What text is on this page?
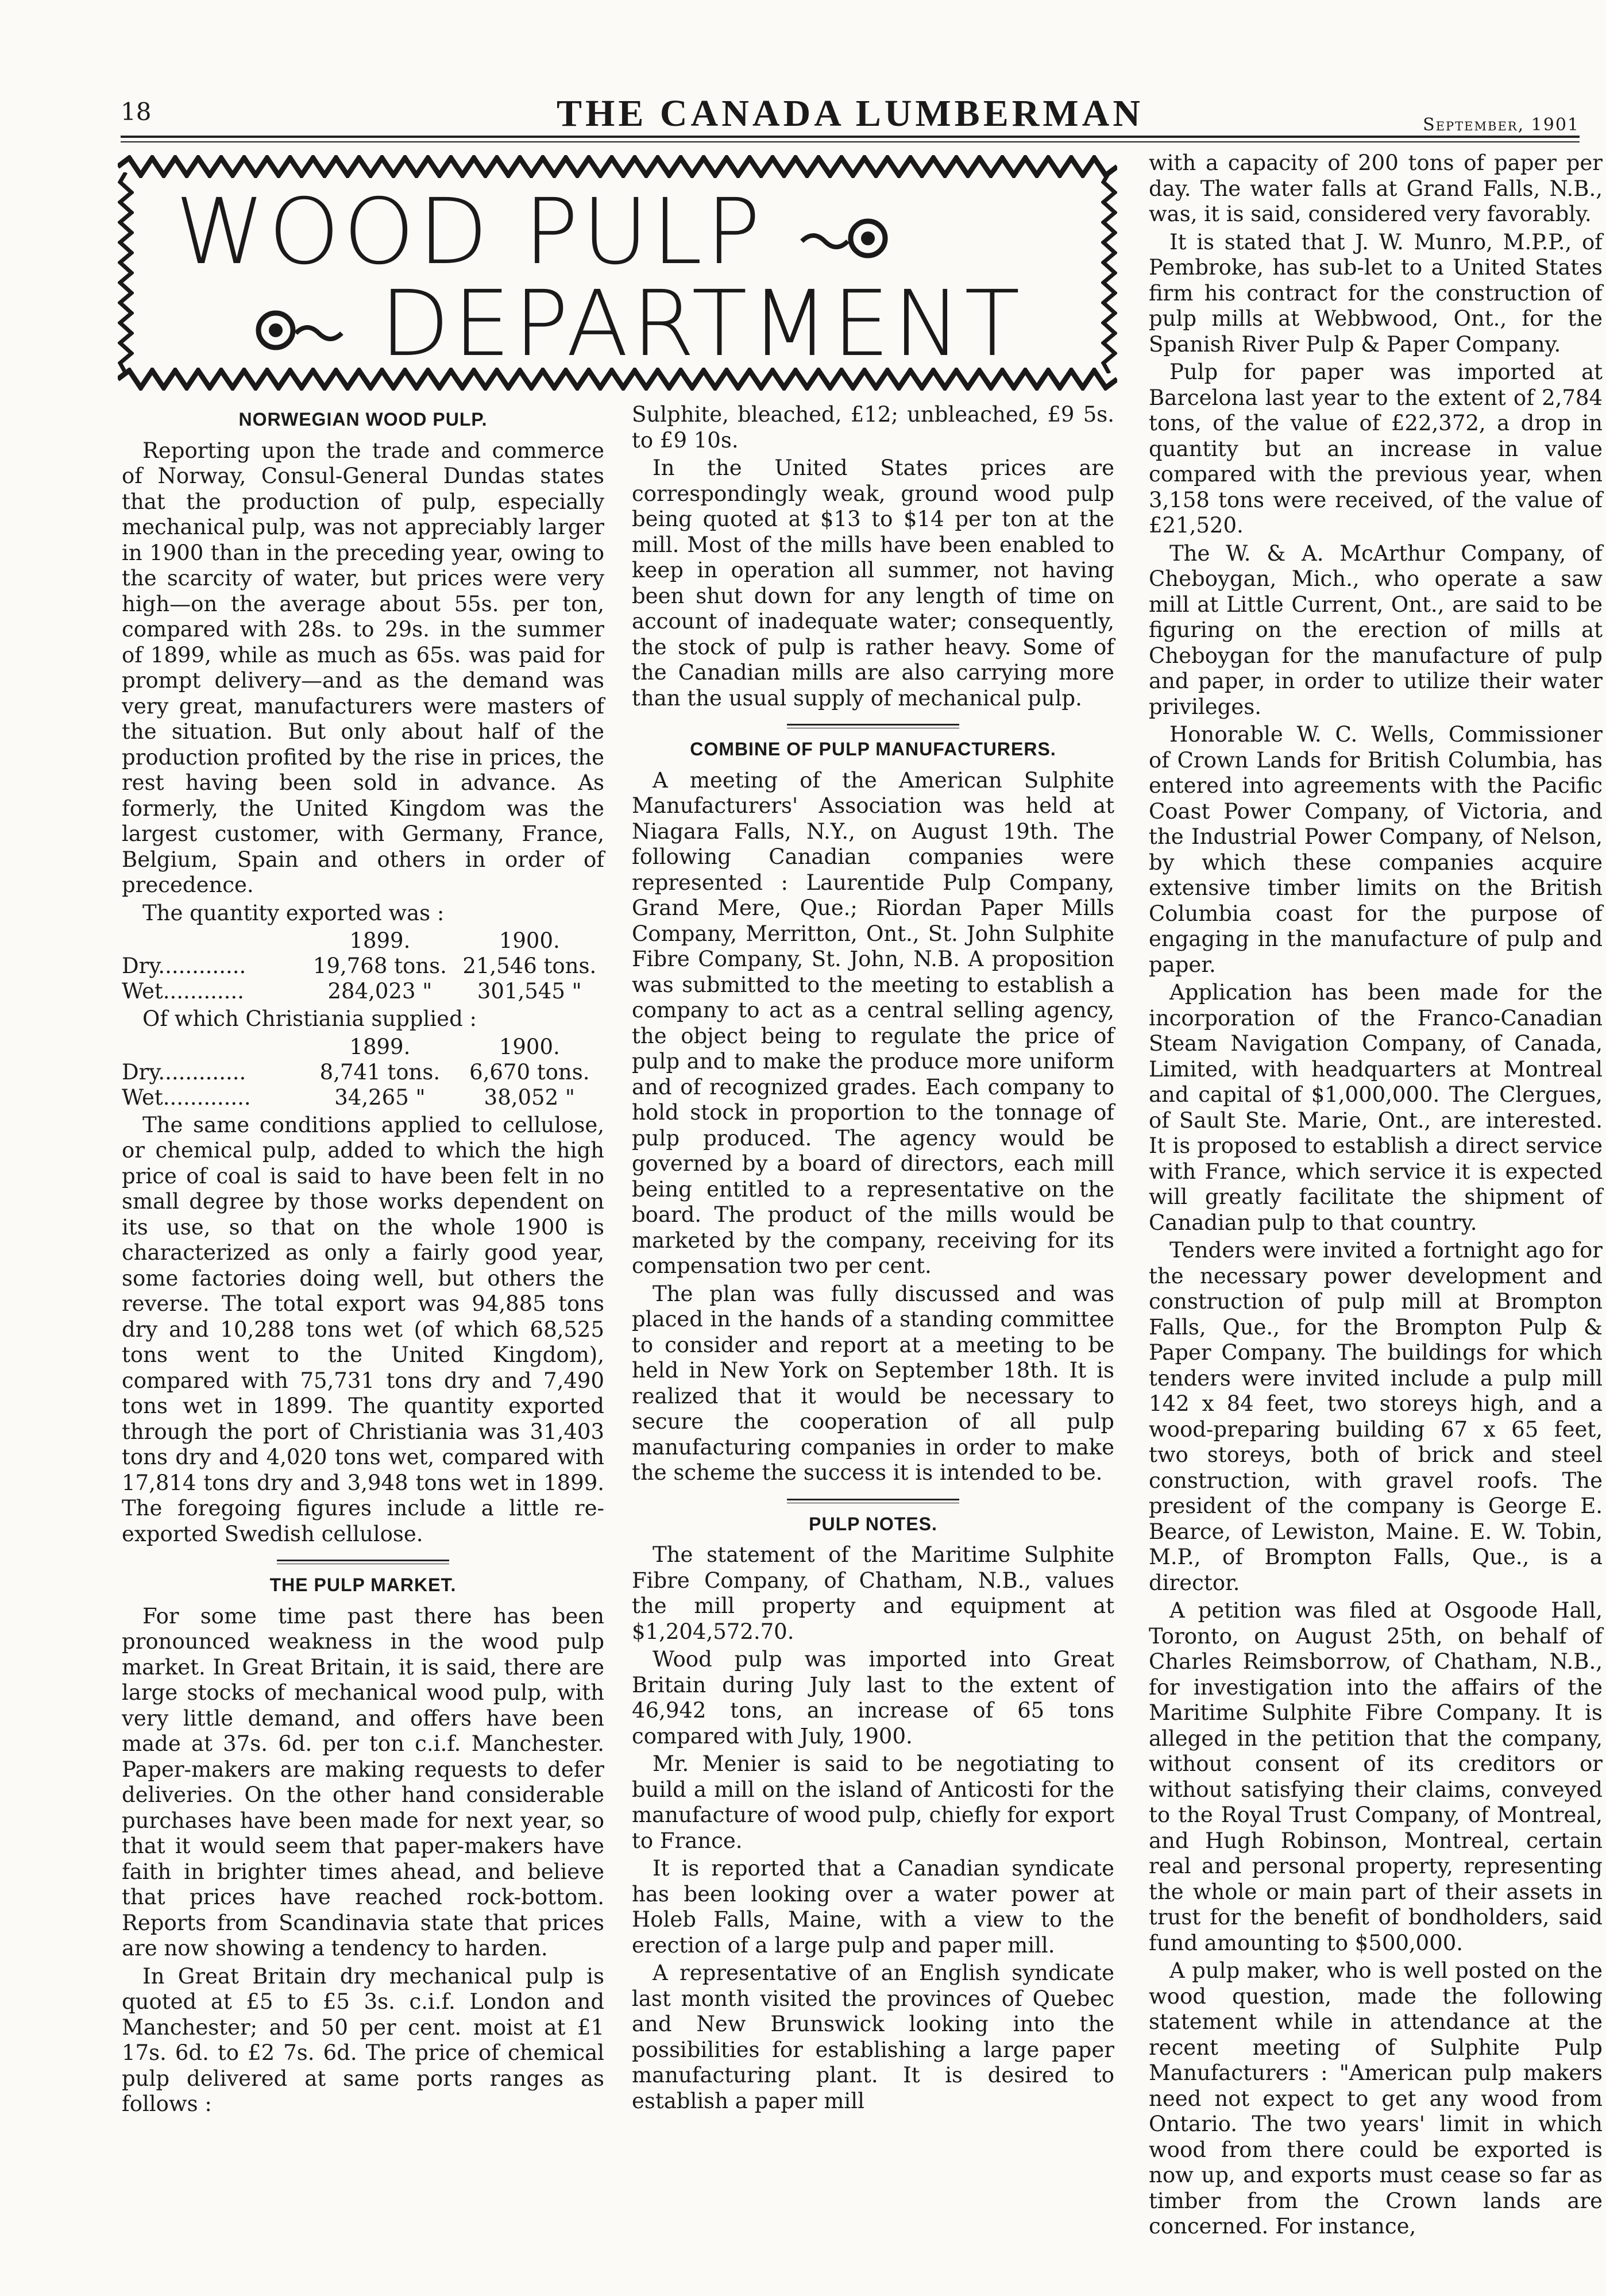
18	THE CANADA LUMBERMAN	September, 1901
WOOD PULP
DEPARTMENT
NORWEGIAN WOOD PULP.

Reporting upon the trade and commerce of Norway, Consul-General Dundas states that the production of pulp, especially mechanical pulp, was not appreciably larger in 1900 than in the preceding year, owing to the scarcity of water, but prices were very high—on the average about 55s. per ton, compared with 28s. to 29s. in the summer of 1899, while as much as 65s. was paid for prompt delivery—and as the demand was very great, manufacturers were masters of the situation. But only about half of the production profited by the rise in prices, the rest having been sold in advance. As formerly, the United Kingdom was the largest customer, with Germany, France, Belgium, Spain and others in order of precedence.

The quantity exported was :

	1899.	1900.
Dry.............	19,768 tons.	21,546 tons.
Wet............	284,023 "	301,545 "

Of which Christiania supplied :

	1899.	1900.
Dry.............	8,741 tons.	6,670 tons.
Wet.............	34,265 "	38,052 "

The same conditions applied to cellulose, or chemical pulp, added to which the high price of coal is said to have been felt in no small degree by those works dependent on its use, so that on the whole 1900 is characterized as only a fairly good year, some factories doing well, but others the reverse. The total export was 94,885 tons dry and 10,288 tons wet (of which 68,525 tons went to the United Kingdom), compared with 75,731 tons dry and 7,490 tons wet in 1899. The quantity exported through the port of Christiania was 31,403 tons dry and 4,020 tons wet, compared with 17,814 tons dry and 3,948 tons wet in 1899. The foregoing figures include a little re-exported Swedish cellulose.

THE PULP MARKET.

For some time past there has been pronounced weakness in the wood pulp market. In Great Britain, it is said, there are large stocks of mechanical wood pulp, with very little demand, and offers have been made at 37s. 6d. per ton c.i.f. Manchester. Paper-makers are making requests to defer deliveries. On the other hand considerable purchases have been made for next year, so that it would seem that paper-makers have faith in brighter times ahead, and believe that prices have reached rock-bottom. Reports from Scandinavia state that prices are now showing a tendency to harden.

In Great Britain dry mechanical pulp is quoted at £5 to £5 3s. c.i.f. London and Manchester; and 50 per cent. moist at £1 17s. 6d. to £2 7s. 6d. The price of chemical pulp delivered at same ports ranges as follows :

Sulphite, bleached, £12; unbleached, £9 5s. to £9 10s.

In the United States prices are correspondingly weak, ground wood pulp being quoted at $13 to $14 per ton at the mill. Most of the mills have been enabled to keep in operation all summer, not having been shut down for any length of time on account of inadequate water; consequently, the stock of pulp is rather heavy. Some of the Canadian mills are also carrying more than the usual supply of mechanical pulp.

COMBINE OF PULP MANUFACTURERS.

A meeting of the American Sulphite Manufacturers' Association was held at Niagara Falls, N.Y., on August 19th. The following Canadian companies were represented : Laurentide Pulp Company, Grand Mere, Que.; Riordan Paper Mills Company, Merritton, Ont., St. John Sulphite Fibre Company, St. John, N.B. A proposition was submitted to the meeting to establish a company to act as a central selling agency, the object being to regulate the price of pulp and to make the produce more uniform and of recognized grades. Each company to hold stock in proportion to the tonnage of pulp produced. The agency would be governed by a board of directors, each mill being entitled to a representative on the board. The product of the mills would be marketed by the company, receiving for its compensation two per cent.

The plan was fully discussed and was placed in the hands of a standing committee to consider and report at a meeting to be held in New York on September 18th. It is realized that it would be necessary to secure the cooperation of all pulp manufacturing companies in order to make the scheme the success it is intended to be.

PULP NOTES.

The statement of the Maritime Sulphite Fibre Company, of Chatham, N.B., values the mill property and equipment at $1,204,572.70.

Wood pulp was imported into Great Britain during July last to the extent of 46,942 tons, an increase of 65 tons compared with July, 1900.

Mr. Menier is said to be negotiating to build a mill on the island of Anticosti for the manufacture of wood pulp, chiefly for export to France.

It is reported that a Canadian syndicate has been looking over a water power at Holeb Falls, Maine, with a view to the erection of a large pulp and paper mill.

A representative of an English syndicate last month visited the provinces of Quebec and New Brunswick looking into the possibilities for establishing a large paper manufacturing plant. It is desired to establish a paper mill

with a capacity of 200 tons of paper per day. The water falls at Grand Falls, N.B., was, it is said, considered very favorably.

It is stated that J. W. Munro, M.P.P., of Pembroke, has sub-let to a United States firm his contract for the construction of pulp mills at Webbwood, Ont., for the Spanish River Pulp & Paper Company.

Pulp for paper was imported at Barcelona last year to the extent of 2,784 tons, of the value of £22,372, a drop in quantity but an increase in value compared with the previous year, when 3,158 tons were received, of the value of £21,520.

The W. & A. McArthur Company, of Cheboygan, Mich., who operate a saw mill at Little Current, Ont., are said to be figuring on the erection of mills at Cheboygan for the manufacture of pulp and paper, in order to utilize their water privileges.

Honorable W. C. Wells, Commissioner of Crown Lands for British Columbia, has entered into agreements with the Pacific Coast Power Company, of Victoria, and the Industrial Power Company, of Nelson, by which these companies acquire extensive timber limits on the British Columbia coast for the purpose of engaging in the manufacture of pulp and paper.

Application has been made for the incorporation of the Franco-Canadian Steam Navigation Company, of Canada, Limited, with headquarters at Montreal and capital of $1,000,000. The Clergues, of Sault Ste. Marie, Ont., are interested. It is proposed to establish a direct service with France, which service it is expected will greatly facilitate the shipment of Canadian pulp to that country.

Tenders were invited a fortnight ago for the necessary power development and construction of pulp mill at Brompton Falls, Que., for the Brompton Pulp & Paper Company. The buildings for which tenders were invited include a pulp mill 142 x 84 feet, two storeys high, and a wood-preparing building 67 x 65 feet, two storeys, both of brick and steel construction, with gravel roofs. The president of the company is George E. Bearce, of Lewiston, Maine. E. W. Tobin, M.P., of Brompton Falls, Que., is a director.

A petition was filed at Osgoode Hall, Toronto, on August 25th, on behalf of Charles Reimsborrow, of Chatham, N.B., for investigation into the affairs of the Maritime Sulphite Fibre Company. It is alleged in the petition that the company, without consent of its creditors or without satisfying their claims, conveyed to the Royal Trust Company, of Montreal, and Hugh Robinson, Montreal, certain real and personal property, representing the whole or main part of their assets in trust for the benefit of bondholders, said fund amounting to $500,000.

A pulp maker, who is well posted on the wood question, made the following statement while in attendance at the recent meeting of Sulphite Pulp Manufacturers : "American pulp makers need not expect to get any wood from Ontario. The two years' limit in which wood from there could be exported is now up, and exports must cease so far as timber from the Crown lands are concerned. For instance,
